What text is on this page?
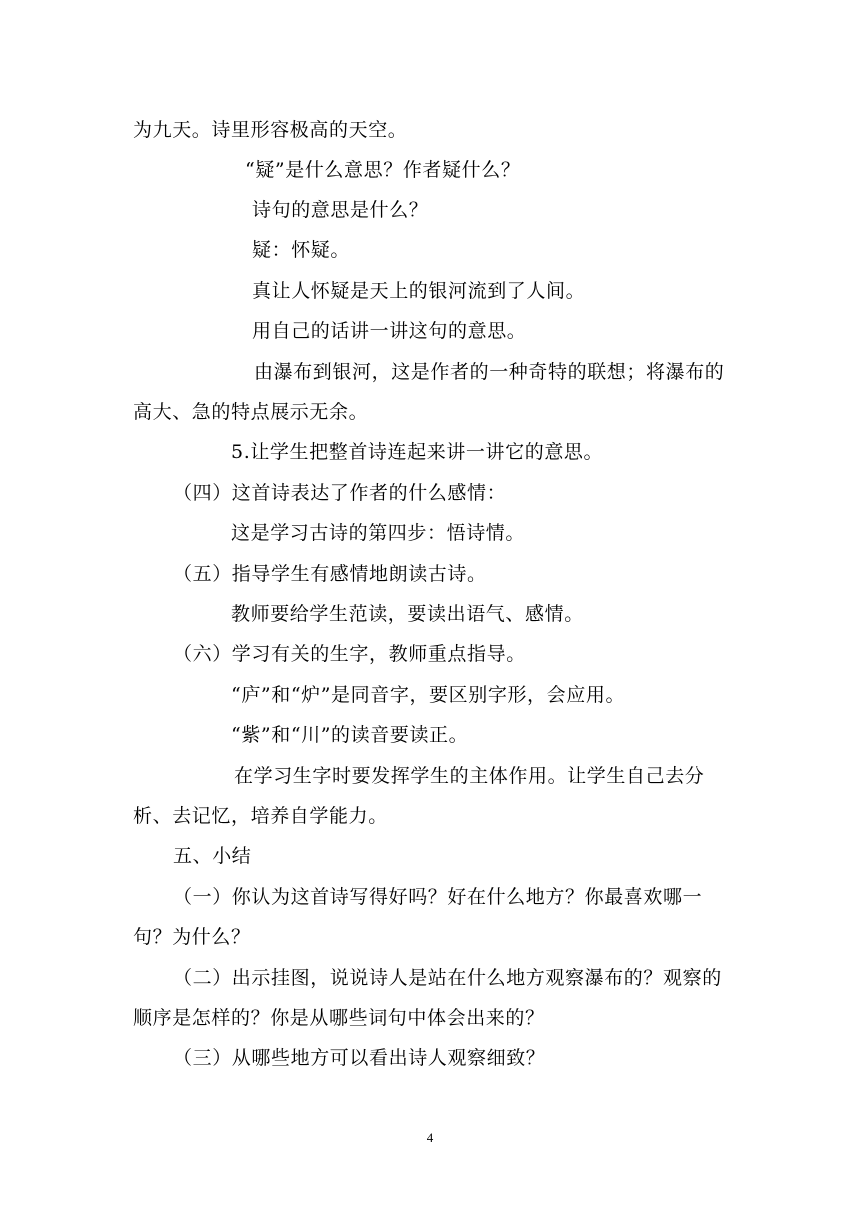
为九天。诗里形容极高的天空。
“疑”是什么意思？作者疑什么？
诗句的意思是什么？
疑：怀疑。
真让人怀疑是天上的银河流到了人间。
用自己的话讲一讲这句的意思。
由瀑布到银河，这是作者的一种奇特的联想；将瀑布的
高大、急的特点展示无余。
5.让学生把整首诗连起来讲一讲它的意思。
（四）这首诗表达了作者的什么感情：
这是学习古诗的第四步：悟诗情。
（五）指导学生有感情地朗读古诗。
教师要给学生范读，要读出语气、感情。
（六）学习有关的生字，教师重点指导。
“庐”和“炉”是同音字，要区别字形，会应用。
“紫”和“川”的读音要读正。
在学习生字时要发挥学生的主体作用。让学生自己去分
析、去记忆，培养自学能力。
五、小结
（一）你认为这首诗写得好吗？好在什么地方？你最喜欢哪一
句？为什么？
（二）出示挂图，说说诗人是站在什么地方观察瀑布的？观察的
顺序是怎样的？你是从哪些词句中体会出来的？
（三）从哪些地方可以看出诗人观察细致？
4
